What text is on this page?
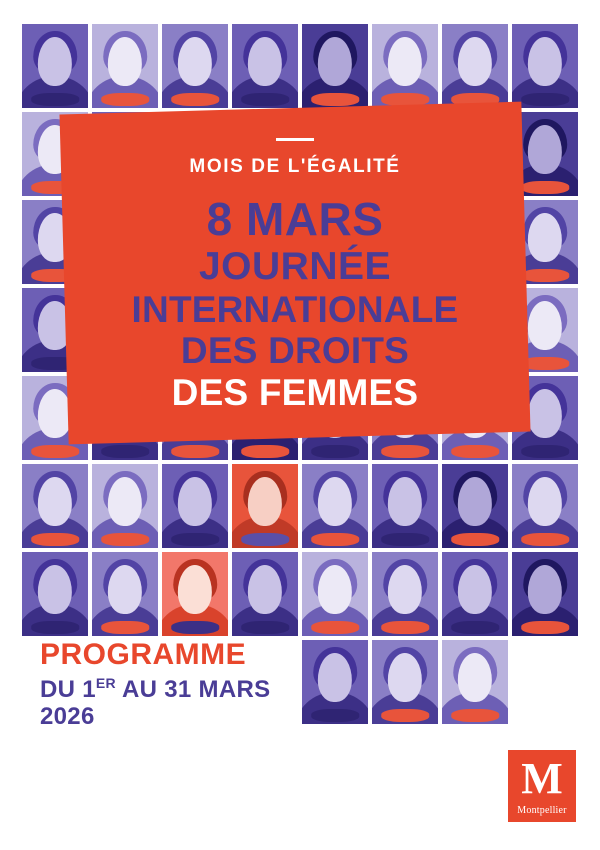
MOIS DE L'ÉGALITÉ
8 MARS
JOURNÉE
INTERNATIONALE
DES DROITS
DES FEMMES
PROGRAMME
DU 1ER AU 31 MARS
2026
M
Montpellier
